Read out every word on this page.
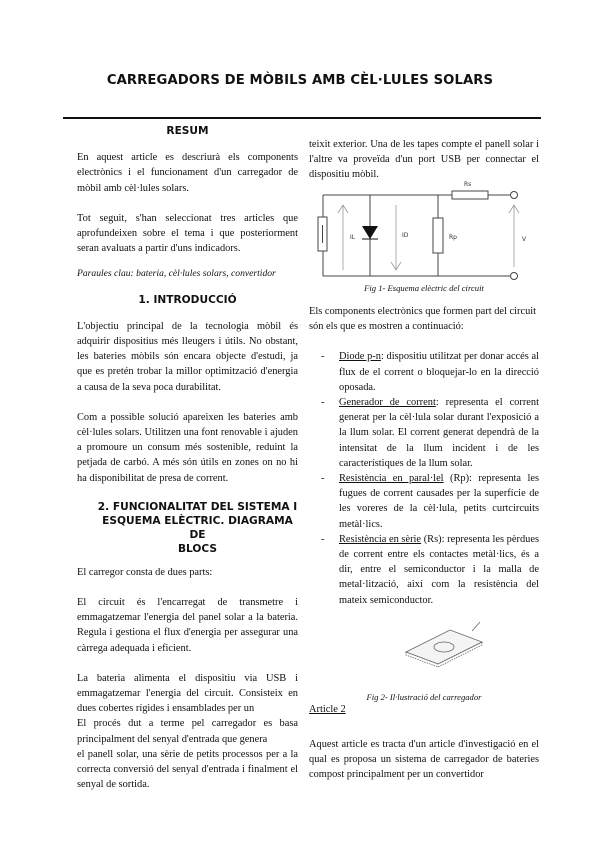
CARREGADORS DE MÒBILS AMB CÈL·LULES SOLARS
RESUM

En aquest article es descriurà els components electrònics i el funcionament d'un carregador de mòbil amb cèl·lules solars.

Tot seguit, s'han seleccionat tres articles que aprofundeixen sobre el tema i que posteriorment seran avaluats a partir d'uns indicadors.

Paraules clau: bateria, cèl·lules solars, convertidor

1. INTRODUCCIÓ

L'objectiu principal de la tecnologia mòbil és adquirir dispositius més lleugers i útils. No obstant, les bateries mòbils són encara objecte d'estudi, ja que es pretén trobar la millor optimització d'energia a causa de la seva poca durabilitat.

Com a possible solució apareixen les bateries amb cèl·lules solars. Utilitzen una font renovable i ajuden a promoure un consum més sostenible, reduint la petjada de carbó. A més són útils en zones on no hi ha disponibilitat de presa de corrent.

2. FUNCIONALITAT DEL SISTEMA I
ESQUEMA ELÈCTRIC. DIAGRAMA DE
BLOCS

El carregor consta de dues parts:

El circuit és l'encarregat de transmetre i emmagatzemar l'energia del panel solar a la bateria. Regula i gestiona el flux d'energia per assegurar una càrrega adequada i eficient.

La bateria alimenta el dispositiu via USB i emmagatzemar l'energia del circuit. Consisteix en dues cobertes rígides i ensamblades per un

El procés dut a terme pel carregador es basa principalment del senyal d'entrada que genera

el panell solar, una sèrie de petits processos per a la correcta conversió del senyal d'entrada i finalment el senyal de sortida.

teixit exterior. Una de les tapes compte el panell solar i l'altre va proveïda d'un port USB per connectar el dispositiu mòbil.

IL	ID	Rp
Rs
V
Fig 1- Esquema elèctric del circuit

Els components electrònics que formen part del circuit són els que es mostren a continuació:

- Diode p-n: dispositiu utilitzat per donar accés al flux de el corrent o bloquejar-lo en la direcció oposada.
- Generador de corrent: representa el corrent generat per la cèl·lula solar durant l'exposició a la llum solar. El corrent generat dependrà de la intensitat de la llum incident i de les característiques de la llum solar.
- Resistència en paral·lel (Rp): representa les fugues de corrent causades per la superfície de les voreres de la cèl·lula, petits curtcircuits metàl·lics.
- Resistència en sèrie (Rs): representa les pèrdues de corrent entre els contactes metàl·lics, és a dir, entre el semiconductor i la malla de metal·lització, així com la resistència del mateix semiconductor.
Fig 2- Il·lustració del carregador
Article 2

Aquest article es tracta d'un article d'investigació en el qual es proposa un sistema de carregador de bateries compost principalment per un convertidor
